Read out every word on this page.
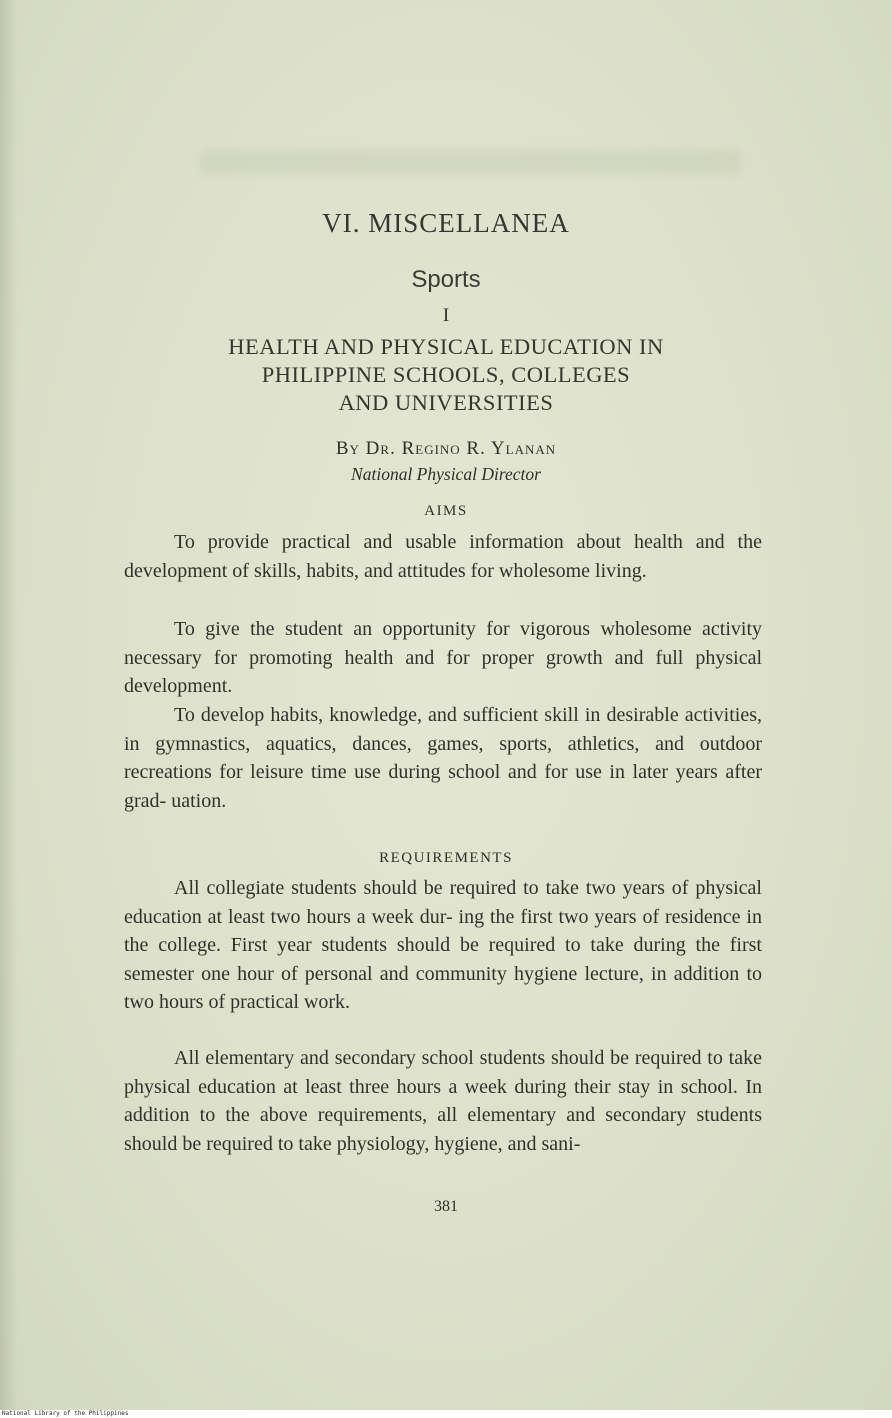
VI. MISCELLANEA
Sports
I
HEALTH AND PHYSICAL EDUCATION IN
PHILIPPINE SCHOOLS, COLLEGES
AND UNIVERSITIES
By Dr. Regino R. Ylanan
National Physical Director
AIMS

To provide practical and usable information about health and the development of skills, habits, and attitudes for wholesome living.

To give the student an opportunity for vigorous wholesome activity necessary for promoting health and for proper growth and full physical development.

To develop habits, knowledge, and sufficient skill in desirable activities, in gymnastics, aquatics, dances, games, sports, athletics, and outdoor recreations for leisure time use during school and for use in later years after grad- uation.

REQUIREMENTS

All collegiate students should be required to take two years of physical education at least two hours a week dur- ing the first two years of residence in the college. First year students should be required to take during the first semester one hour of personal and community hygiene lecture, in addition to two hours of practical work.

All elementary and secondary school students should be required to take physical education at least three hours a week during their stay in school. In addition to the above requirements, all elementary and secondary students should be required to take physiology, hygiene, and sani-

381
National Library of the Philippines
